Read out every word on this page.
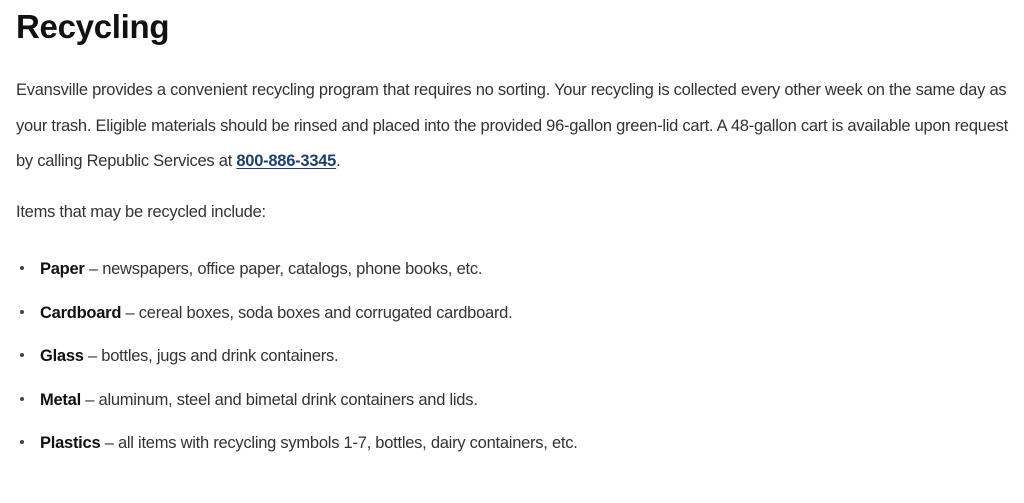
Recycling

Evansville provides a convenient recycling program that requires no sorting. Your recycling is collected every other week on the same day as your trash. Eligible materials should be rinsed and placed into the provided 96-gallon green-lid cart. A 48-gallon cart is available upon request by calling Republic Services at 800-886-3345.

Items that may be recycled include:

Paper – newspapers, office paper, catalogs, phone books, etc.
Cardboard – cereal boxes, soda boxes and corrugated cardboard.
Glass – bottles, jugs and drink containers.
Metal – aluminum, steel and bimetal drink containers and lids.
Plastics – all items with recycling symbols 1-7, bottles, dairy containers, etc.
